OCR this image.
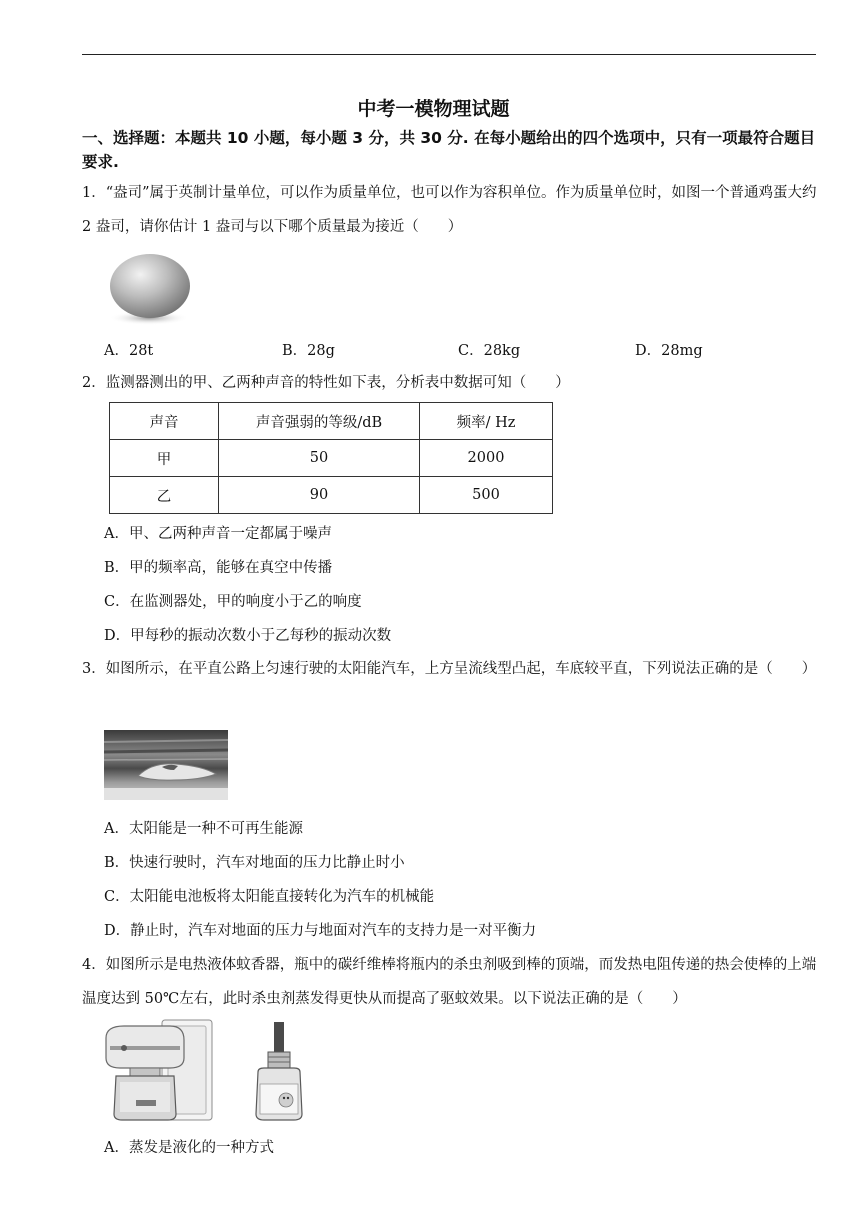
中考一模物理试题
一、选择题：本题共 10 小题，每小题 3 分，共 30 分. 在每小题给出的四个选项中，只有一项最符合题目要求.
1．“盎司”属于英制计量单位，可以作为质量单位，也可以作为容积单位。作为质量单位时，如图一个普通鸡蛋大约 2 盎司，请你估计 1 盎司与以下哪个质量最为接近（　　）
A．28t	B．28g	C．28kg	D．28mg
2．监测器测出的甲、乙两种声音的特性如下表，分析表中数据可知（　　）
声音	声音强弱的等级/dB	频率/ Hz
甲	50	2000
乙	90	500
A．甲、乙两种声音一定都属于噪声
B．甲的频率高，能够在真空中传播
C．在监测器处，甲的响度小于乙的响度
D．甲每秒的振动次数小于乙每秒的振动次数
3．如图所示，在平直公路上匀速行驶的太阳能汽车，上方呈流线型凸起，车底较平直，下列说法正确的是（　　）
A．太阳能是一种不可再生能源
B．快速行驶时，汽车对地面的压力比静止时小
C．太阳能电池板将太阳能直接转化为汽车的机械能
D．静止时，汽车对地面的压力与地面对汽车的支持力是一对平衡力
4．如图所示是电热液体蚊香器，瓶中的碳纤维棒将瓶内的杀虫剂吸到棒的顶端，而发热电阻传递的热会使棒的上端温度达到 50℃左右，此时杀虫剂蒸发得更快从而提高了驱蚊效果。以下说法正确的是（　　）
A．蒸发是液化的一种方式
